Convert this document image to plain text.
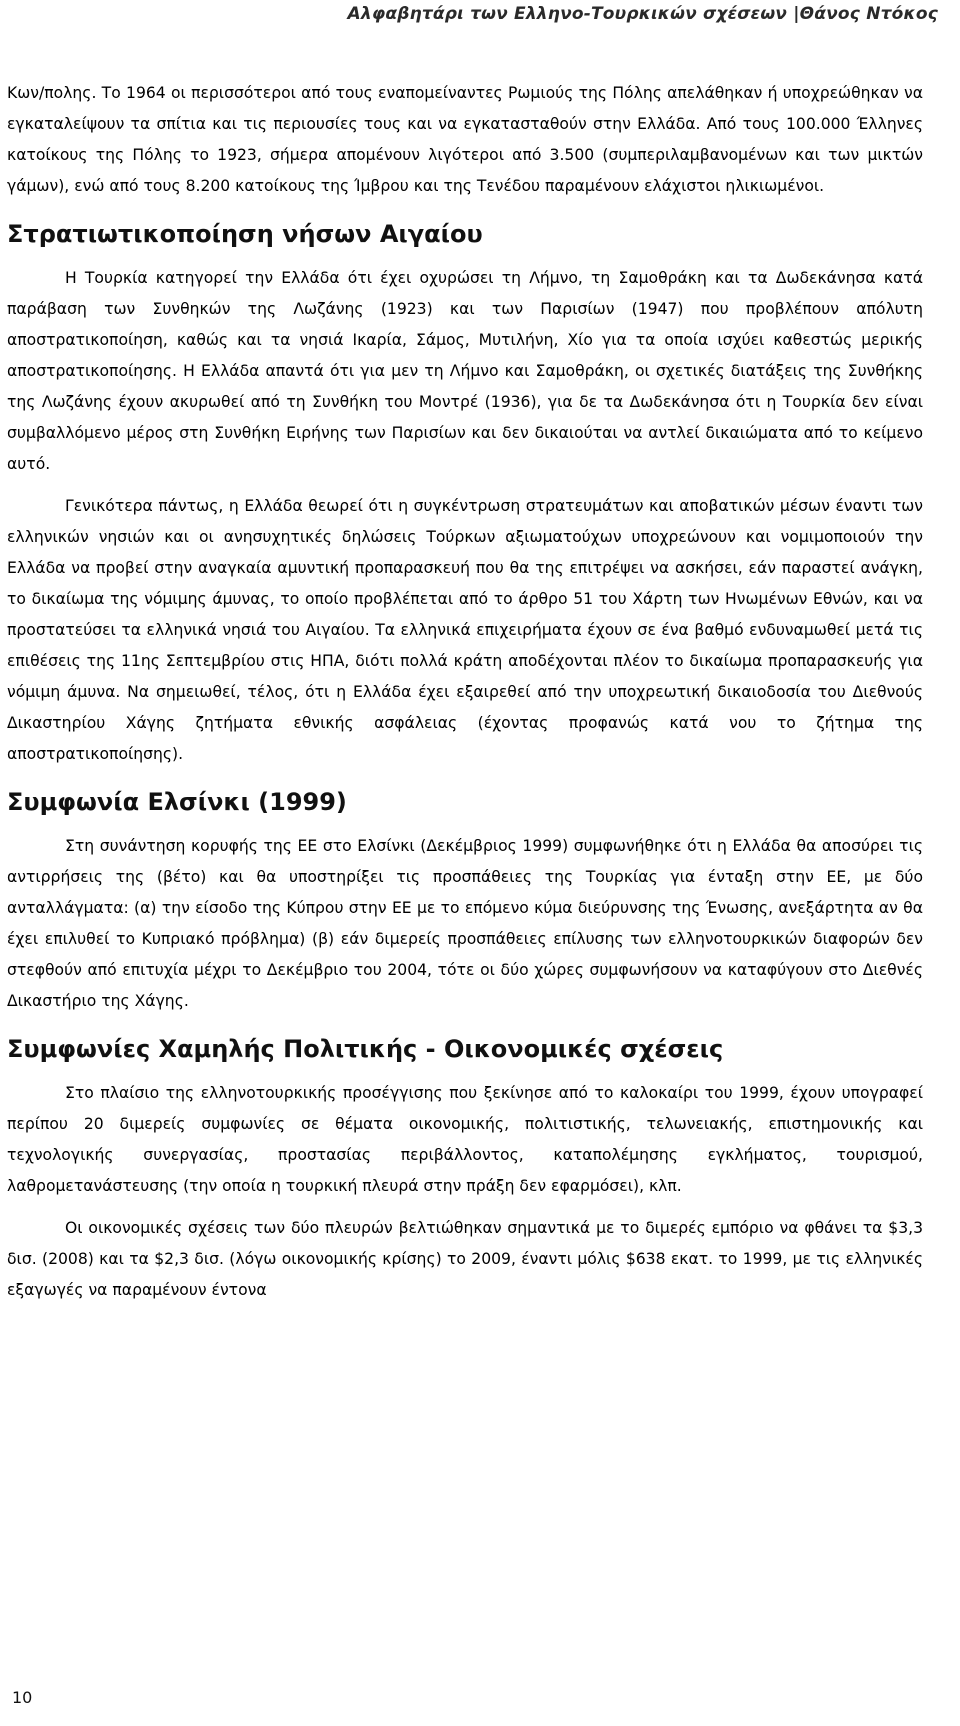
Αλφαβητάρι των Ελληνο-Τουρκικών σχέσεων |Θάνος Ντόκος

Κων/πολης. Το 1964 οι περισσότεροι από τους εναπομείναντες Ρωμιούς της Πόλης απελάθηκαν ή υποχρεώθηκαν να εγκαταλείψουν τα σπίτια και τις περιουσίες τους και να εγκατασταθούν στην Ελλάδα. Από τους 100.000 Έλληνες κατοίκους της Πόλης το 1923, σήμερα απομένουν λιγότεροι από 3.500 (συμπεριλαμβανομένων και των μικτών γάμων), ενώ από τους 8.200 κατοίκους της Ίμβρου και της Τενέδου παραμένουν ελάχιστοι ηλικιωμένοι.

Στρατιωτικοποίηση νήσων Αιγαίου

Η Τουρκία κατηγορεί την Ελλάδα ότι έχει οχυρώσει τη Λήμνο, τη Σαμοθράκη και τα Δωδεκάνησα κατά παράβαση των Συνθηκών της Λωζάνης (1923) και των Παρισίων (1947) που προβλέπουν απόλυτη αποστρατικοποίηση, καθώς και τα νησιά Ικαρία, Σάμος, Μυτιλήνη, Χίο για τα οποία ισχύει καθεστώς μερικής αποστρατικοποίησης. Η Ελλάδα απαντά ότι για μεν τη Λήμνο και Σαμοθράκη, οι σχετικές διατάξεις της Συνθήκης της Λωζάνης έχουν ακυρωθεί από τη Συνθήκη του Μοντρέ (1936), για δε τα Δωδεκάνησα ότι η Τουρκία δεν είναι συμβαλλόμενο μέρος στη Συνθήκη Ειρήνης των Παρισίων και δεν δικαιούται να αντλεί δικαιώματα από το κείμενο αυτό.

Γενικότερα πάντως, η Ελλάδα θεωρεί ότι η συγκέντρωση στρατευμάτων και αποβατικών μέσων έναντι των ελληνικών νησιών και οι ανησυχητικές δηλώσεις Τούρκων αξιωματούχων υποχρεώνουν και νομιμοποιούν την Ελλάδα να προβεί στην αναγκαία αμυντική προπαρασκευή που θα της επιτρέψει να ασκήσει, εάν παραστεί ανάγκη, το δικαίωμα της νόμιμης άμυνας, το οποίο προβλέπεται από το άρθρο 51 του Χάρτη των Ηνωμένων Εθνών, και να προστατεύσει τα ελληνικά νησιά του Αιγαίου. Τα ελληνικά επιχειρήματα έχουν σε ένα βαθμό ενδυναμωθεί μετά τις επιθέσεις της 11ης Σεπτεμβρίου στις ΗΠΑ, διότι πολλά κράτη αποδέχονται πλέον το δικαίωμα προπαρασκευής για νόμιμη άμυνα. Να σημειωθεί, τέλος, ότι η Ελλάδα έχει εξαιρεθεί από την υποχρεωτική δικαιοδοσία του Διεθνούς Δικαστηρίου Χάγης ζητήματα εθνικής ασφάλειας (έχοντας προφανώς κατά νου το ζήτημα της αποστρατικοποίησης).

Συμφωνία Ελσίνκι (1999)

Στη συνάντηση κορυφής της ΕΕ στο Ελσίνκι (Δεκέμβριος 1999) συμφωνήθηκε ότι η Ελλάδα θα αποσύρει τις αντιρρήσεις της (βέτο) και θα υποστηρίξει τις προσπάθειες της Τουρκίας για ένταξη στην ΕΕ, με δύο ανταλλάγματα: (α) την είσοδο της Κύπρου στην ΕΕ με το επόμενο κύμα διεύρυνσης της Ένωσης, ανεξάρτητα αν θα έχει επιλυθεί το Κυπριακό πρόβλημα) (β) εάν διμερείς προσπάθειες επίλυσης των ελληνοτουρκικών διαφορών δεν στεφθούν από επιτυχία μέχρι το Δεκέμβριο του 2004, τότε οι δύο χώρες συμφωνήσουν να καταφύγουν στο Διεθνές Δικαστήριο της Χάγης.

Συμφωνίες Χαμηλής Πολιτικής - Οικονομικές σχέσεις

Στο πλαίσιο της ελληνοτουρκικής προσέγγισης που ξεκίνησε από το καλοκαίρι του 1999, έχουν υπογραφεί περίπου 20 διμερείς συμφωνίες σε θέματα οικονομικής, πολιτιστικής, τελωνειακής, επιστημονικής και τεχνολογικής συνεργασίας, προστασίας περιβάλλοντος, καταπολέμησης εγκλήματος, τουρισμού, λαθρομετανάστευσης (την οποία η τουρκική πλευρά στην πράξη δεν εφαρμόσει), κλπ.

Οι οικονομικές σχέσεις των δύο πλευρών βελτιώθηκαν σημαντικά με το διμερές εμπόριο να φθάνει τα $3,3 δισ. (2008) και τα $2,3 δισ. (λόγω οικονομικής κρίσης) το 2009, έναντι μόλις $638 εκατ. το 1999, με τις ελληνικές εξαγωγές να παραμένουν έντονα

10
